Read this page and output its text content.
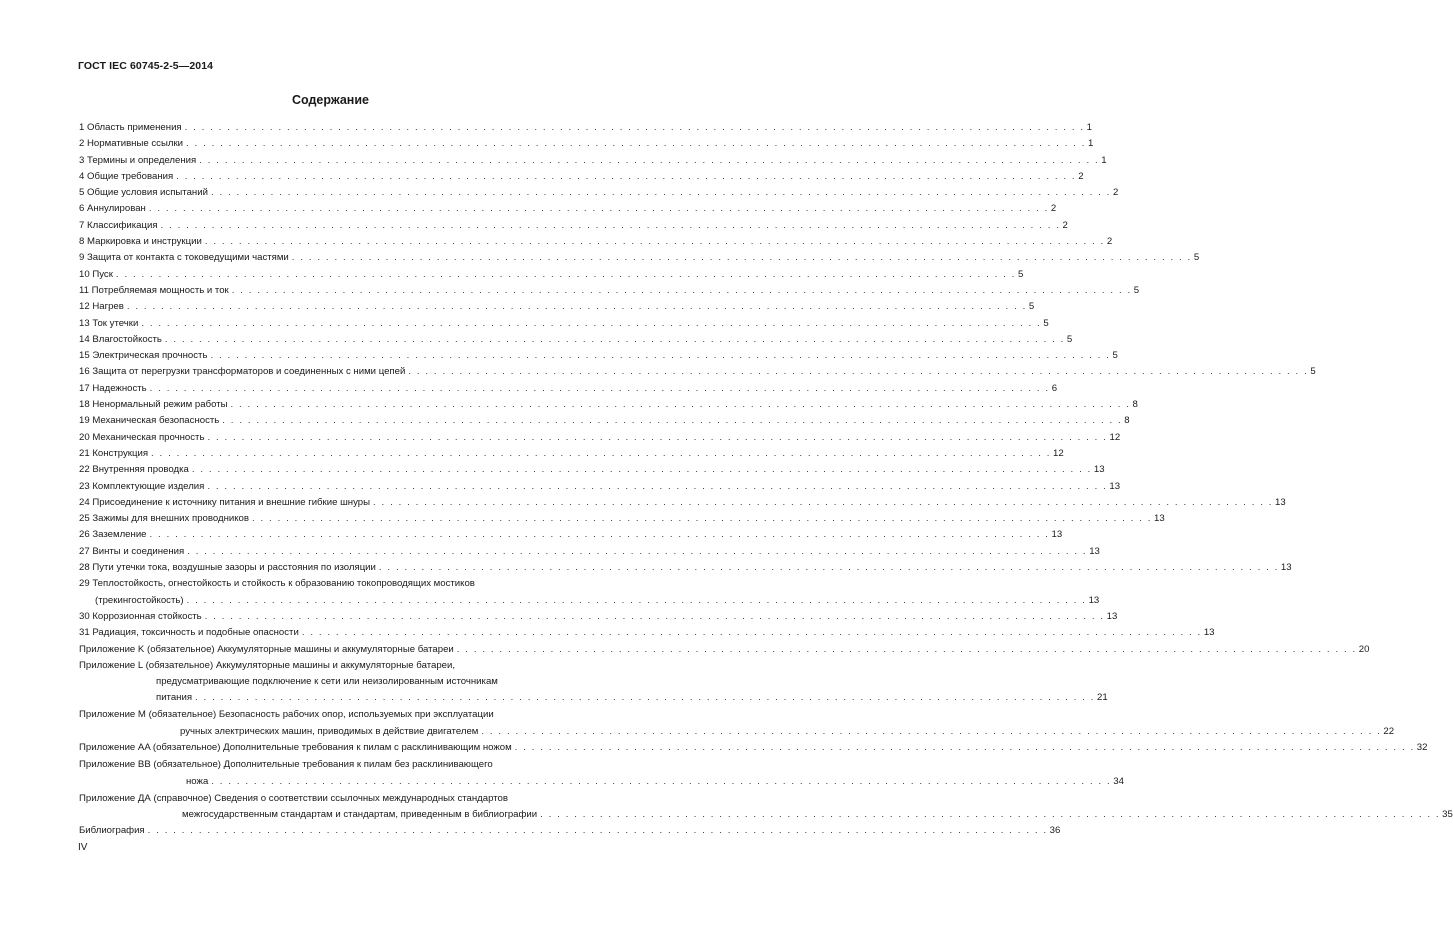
ГОСТ IEC 60745-2-5—2014
Содержание
1 Область применения . . . . . . . . . . . . . . . . . . . . . . . . . . . . . . . . . . . . . . . . . . . . . . . . . . . . . . . . . . . . . . . . . . . . . . . . . . . . . . . . . . . . . . . . . . . . . . . . . . . . . . . . . . 1
2 Нормативные ссылки . . . . . . . . . . . . . . . . . . . . . . . . . . . . . . . . . . . . . . . . . . . . . . . . . . . . . . . . . . . . . . . . . . . . . . . . . . . . . . . . . . . . . . . . . . . . . . . . . . . . . . . . . . 1
3 Термины и определения . . . . . . . . . . . . . . . . . . . . . . . . . . . . . . . . . . . . . . . . . . . . . . . . . . . . . . . . . . . . . . . . . . . . . . . . . . . . . . . . . . . . . . . . . . . . . . . . . . . . . . . . . . 1
4 Общие требования . . . . . . . . . . . . . . . . . . . . . . . . . . . . . . . . . . . . . . . . . . . . . . . . . . . . . . . . . . . . . . . . . . . . . . . . . . . . . . . . . . . . . . . . . . . . . . . . . . . . . . . . . . 2
5 Общие условия испытаний . . . . . . . . . . . . . . . . . . . . . . . . . . . . . . . . . . . . . . . . . . . . . . . . . . . . . . . . . . . . . . . . . . . . . . . . . . . . . . . . . . . . . . . . . . . . . . . . . . . . . . . . . . 2
6 Аннулирован . . . . . . . . . . . . . . . . . . . . . . . . . . . . . . . . . . . . . . . . . . . . . . . . . . . . . . . . . . . . . . . . . . . . . . . . . . . . . . . . . . . . . . . . . . . . . . . . . . . . . . . . . . 2
7 Классификация . . . . . . . . . . . . . . . . . . . . . . . . . . . . . . . . . . . . . . . . . . . . . . . . . . . . . . . . . . . . . . . . . . . . . . . . . . . . . . . . . . . . . . . . . . . . . . . . . . . . . . . . . . 2
8 Маркировка и инструкции . . . . . . . . . . . . . . . . . . . . . . . . . . . . . . . . . . . . . . . . . . . . . . . . . . . . . . . . . . . . . . . . . . . . . . . . . . . . . . . . . . . . . . . . . . . . . . . . . . . . . . . . . . 2
9 Защита от контакта с токоведущими частями . . . . . . . . . . . . . . . . . . . . . . . . . . . . . . . . . . . . . . . . . . . . . . . . . . . . . . . . . . . . . . . . . . . . . . . . . . . . . . . . . . . . . . . . . . . . . . . . . . . . . . . . . . 5
10 Пуск . . . . . . . . . . . . . . . . . . . . . . . . . . . . . . . . . . . . . . . . . . . . . . . . . . . . . . . . . . . . . . . . . . . . . . . . . . . . . . . . . . . . . . . . . . . . . . . . . . . . . . . . . . 5
11 Потребляемая мощность и ток . . . . . . . . . . . . . . . . . . . . . . . . . . . . . . . . . . . . . . . . . . . . . . . . . . . . . . . . . . . . . . . . . . . . . . . . . . . . . . . . . . . . . . . . . . . . . . . . . . . . . . . . . . 5
12 Нагрев . . . . . . . . . . . . . . . . . . . . . . . . . . . . . . . . . . . . . . . . . . . . . . . . . . . . . . . . . . . . . . . . . . . . . . . . . . . . . . . . . . . . . . . . . . . . . . . . . . . . . . . . . . 5
13 Ток утечки . . . . . . . . . . . . . . . . . . . . . . . . . . . . . . . . . . . . . . . . . . . . . . . . . . . . . . . . . . . . . . . . . . . . . . . . . . . . . . . . . . . . . . . . . . . . . . . . . . . . . . . . . . 5
14 Влагостойкость . . . . . . . . . . . . . . . . . . . . . . . . . . . . . . . . . . . . . . . . . . . . . . . . . . . . . . . . . . . . . . . . . . . . . . . . . . . . . . . . . . . . . . . . . . . . . . . . . . . . . . . . . . 5
15 Электрическая прочность . . . . . . . . . . . . . . . . . . . . . . . . . . . . . . . . . . . . . . . . . . . . . . . . . . . . . . . . . . . . . . . . . . . . . . . . . . . . . . . . . . . . . . . . . . . . . . . . . . . . . . . . . . 5
16 Защита от перегрузки трансформаторов и соединенных с ними цепей . . . . . . . . . . . . . . . . . . . . . . . . . . . . . . . . . . . . . . . . . . . . . . . . . . . . . . . . . . . . . . . . . . . . . . . . . . . . . . . . . . . . . . . . . . . . . . . . . . . . . . . . . . 5
17 Надежность . . . . . . . . . . . . . . . . . . . . . . . . . . . . . . . . . . . . . . . . . . . . . . . . . . . . . . . . . . . . . . . . . . . . . . . . . . . . . . . . . . . . . . . . . . . . . . . . . . . . . . . . . . 6
18 Ненормальный режим работы . . . . . . . . . . . . . . . . . . . . . . . . . . . . . . . . . . . . . . . . . . . . . . . . . . . . . . . . . . . . . . . . . . . . . . . . . . . . . . . . . . . . . . . . . . . . . . . . . . . . . . . . . . 8
19 Механическая безопасность . . . . . . . . . . . . . . . . . . . . . . . . . . . . . . . . . . . . . . . . . . . . . . . . . . . . . . . . . . . . . . . . . . . . . . . . . . . . . . . . . . . . . . . . . . . . . . . . . . . . . . . . . . 8
20 Механическая прочность . . . . . . . . . . . . . . . . . . . . . . . . . . . . . . . . . . . . . . . . . . . . . . . . . . . . . . . . . . . . . . . . . . . . . . . . . . . . . . . . . . . . . . . . . . . . . . . . . . . . . . . . . . 12
21 Конструкция . . . . . . . . . . . . . . . . . . . . . . . . . . . . . . . . . . . . . . . . . . . . . . . . . . . . . . . . . . . . . . . . . . . . . . . . . . . . . . . . . . . . . . . . . . . . . . . . . . . . . . . . . . 12
22 Внутренняя проводка . . . . . . . . . . . . . . . . . . . . . . . . . . . . . . . . . . . . . . . . . . . . . . . . . . . . . . . . . . . . . . . . . . . . . . . . . . . . . . . . . . . . . . . . . . . . . . . . . . . . . . . . . . 13
23 Комплектующие изделия . . . . . . . . . . . . . . . . . . . . . . . . . . . . . . . . . . . . . . . . . . . . . . . . . . . . . . . . . . . . . . . . . . . . . . . . . . . . . . . . . . . . . . . . . . . . . . . . . . . . . . . . . . 13
24 Присоединение к источнику питания и внешние гибкие шнуры . . . . . . . . . . . . . . . . . . . . . . . . . . . . . . . . . . . . . . . . . . . . . . . . . . . . . . . . . . . . . . . . . . . . . . . . . . . . . . . . . . . . . . . . . . . . . . . . . . . . . . . . . . 13
25 Зажимы для внешних проводников . . . . . . . . . . . . . . . . . . . . . . . . . . . . . . . . . . . . . . . . . . . . . . . . . . . . . . . . . . . . . . . . . . . . . . . . . . . . . . . . . . . . . . . . . . . . . . . . . . . . . . . . . . 13
26 Заземление . . . . . . . . . . . . . . . . . . . . . . . . . . . . . . . . . . . . . . . . . . . . . . . . . . . . . . . . . . . . . . . . . . . . . . . . . . . . . . . . . . . . . . . . . . . . . . . . . . . . . . . . . . 13
27 Винты и соединения . . . . . . . . . . . . . . . . . . . . . . . . . . . . . . . . . . . . . . . . . . . . . . . . . . . . . . . . . . . . . . . . . . . . . . . . . . . . . . . . . . . . . . . . . . . . . . . . . . . . . . . . . . 13
28 Пути утечки тока, воздушные зазоры и расстояния по изоляции . . . . . . . . . . . . . . . . . . . . . . . . . . . . . . . . . . . . . . . . . . . . . . . . . . . . . . . . . . . . . . . . . . . . . . . . . . . . . . . . . . . . . . . . . . . . . . . . . . . . . . . . . . 13
29 Теплостойкость, огнестойкость и стойкость к образованию токопроводящих мостиков
(трекингостойкость) . . . . . . . . . . . . . . . . . . . . . . . . . . . . . . . . . . . . . . . . . . . . . . . . . . . . . . . . . . . . . . . . . . . . . . . . . . . . . . . . . . . . . . . . . . . . . . . . . . . . . . . . . . 13
30 Коррозионная стойкость . . . . . . . . . . . . . . . . . . . . . . . . . . . . . . . . . . . . . . . . . . . . . . . . . . . . . . . . . . . . . . . . . . . . . . . . . . . . . . . . . . . . . . . . . . . . . . . . . . . . . . . . . . 13
31 Радиация, токсичность и подобные опасности . . . . . . . . . . . . . . . . . . . . . . . . . . . . . . . . . . . . . . . . . . . . . . . . . . . . . . . . . . . . . . . . . . . . . . . . . . . . . . . . . . . . . . . . . . . . . . . . . . . . . . . . . . 13
Приложение K (обязательное) Аккумуляторные машины и аккумуляторные батареи . . . . . . . . . . . . . . . . . . . . . . . . . . . . . . . . . . . . . . . . . . . . . . . . . . . . . . . . . . . . . . . . . . . . . . . . . . . . . . . . . . . . . . . . . . . . . . . . . . . . . . . . . . 20
Приложение L (обязательное) Аккумуляторные машины и аккумуляторные батареи,
предусматривающие подключение к сети или неизолированным источникам
питания . . . . . . . . . . . . . . . . . . . . . . . . . . . . . . . . . . . . . . . . . . . . . . . . . . . . . . . . . . . . . . . . . . . . . . . . . . . . . . . . . . . . . . . . . . . . . . . . . . . . . . . . . . 21
Приложение М (обязательное) Безопасность рабочих опор, используемых при эксплуатации
ручных электрических машин, приводимых в действие двигателем . . . . . . . . . . . . . . . . . . . . . . . . . . . . . . . . . . . . . . . . . . . . . . . . . . . . . . . . . . . . . . . . . . . . . . . . . . . . . . . . . . . . . . . . . . . . . . . . . . . . . . . . . . 22
Приложение AA (обязательное) Дополнительные требования к пилам с расклинивающим ножом . . . . . . . . . . . . . . . . . . . . . . . . . . . . . . . . . . . . . . . . . . . . . . . . . . . . . . . . . . . . . . . . . . . . . . . . . . . . . . . . . . . . . . . . . . . . . . . . . . . . . . . . . . 32
Приложение BB (обязательное) Дополнительные требования к пилам без расклинивающего
ножа . . . . . . . . . . . . . . . . . . . . . . . . . . . . . . . . . . . . . . . . . . . . . . . . . . . . . . . . . . . . . . . . . . . . . . . . . . . . . . . . . . . . . . . . . . . . . . . . . . . . . . . . . . 34
Приложение ДА (справочное) Сведения о соответствии ссылочных международных стандартов
межгосударственным стандартам и стандартам, приведенным в библиографии . . . . . . . . . . . . . . . . . . . . . . . . . . . . . . . . . . . . . . . . . . . . . . . . . . . . . . . . . . . . . . . . . . . . . . . . . . . . . . . . . . . . . . . . . . . . . . . . . . . . . . . . . . 35
Библиография . . . . . . . . . . . . . . . . . . . . . . . . . . . . . . . . . . . . . . . . . . . . . . . . . . . . . . . . . . . . . . . . . . . . . . . . . . . . . . . . . . . . . . . . . . . . . . . . . . . . . . . . . . 36
IV
